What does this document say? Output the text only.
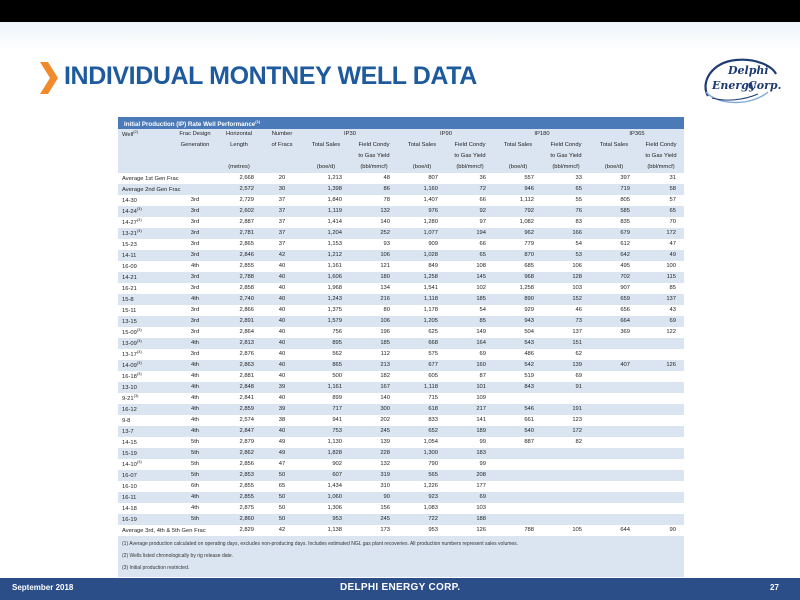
INDIVIDUAL MONTNEY WELL DATA	Delphi
Energy
Corp.
Initial Production (IP) Rate Well Performance$^{(1)}$
Well$^{(2)}$	Frac Design	Horizontal	Number	IP30		IP90		IP180		IP365	
	Generation	Length	of Fracs	Total Sales	Field Condy	Total Sales	Field Condy	Total Sales	Field Condy	Total Sales	Field Condy
					to Gas Yield		to Gas Yield		to Gas Yield		to Gas Yield
		(metres)		(boe/d)	(bbl/mmcf)	(boe/d)	(bbl/mmcf)	(boe/d)	(bbl/mmcf)	(boe/d)	(bbl/mmcf)
Average 1st Gen Frac		2,668	20	1,213	48	807	36	557	33	397	31
Average 2nd Gen Frac		2,572	30	1,398	86	1,160	72	946	65	719	58
14-30	3rd	2,729	37	1,840	78	1,407	66	1,112	55	805	57
14-24$^{(3)}$	3rd	2,602	37	1,119	132	976	92	792	76	585	65
14-27$^{(3)}$	3rd	2,887	37	1,414	140	1,280	97	1,082	83	835	70
13-21$^{(3)}$	3rd	2,781	37	1,204	252	1,077	194	962	166	679	172
15-23	3rd	2,865	37	1,153	93	909	66	779	54	612	47
14-11	3rd	2,846	42	1,212	106	1,028	65	870	53	642	49
16-09	4th	2,855	40	1,161	121	849	108	685	106	495	100
14-21	3rd	2,788	40	1,606	180	1,258	145	968	128	702	115
16-21	3rd	2,858	40	1,968	134	1,541	102	1,258	103	907	85
15-8	4th	2,740	40	1,243	216	1,118	185	890	152	659	137
15-11	3rd	2,866	40	1,375	80	1,178	54	929	46	656	43
13-15	3rd	2,891	40	1,579	106	1,205	85	943	73	664	69
15-09$^{(3)}$	3rd	2,864	40	756	196	625	149	504	137	369	122
13-09$^{(3)}$	4th	2,813	40	895	185	668	164	543	151		
13-17$^{(3)}$	3rd	2,876	40	562	112	575	69	486	62		
14-09$^{(3)}$	4th	2,863	40	865	213	677	160	542	139	407	126
16-18$^{(3)}$	4th	2,881	40	500	182	605	87	519	69		
13-10	4th	2,848	39	1,161	167	1,118	101	843	91		
9-21$^{(3)}$	4th	2,841	40	899	140	715	109				
16-12	4th	2,859	39	717	300	618	217	546	191		
9-8	4th	2,574	38	941	202	833	141	661	123		
13-7	4th	2,847	40	753	245	652	189	540	172		
14-15	5th	2,879	49	1,130	139	1,054	99	887	82		
15-19	5th	2,862	49	1,828	228	1,300	183				
14-10$^{(3)}$	5th	2,856	47	902	132	790	99				
16-07	5th	2,853	50	607	319	565	208				
16-10	6th	2,855	65	1,434	310	1,226	177				
16-11	4th	2,855	50	1,060	90	923	69				
14-18	4th	2,875	50	1,306	156	1,083	103				
16-19	5th	2,860	50	953	245	722	188				
Average 3rd, 4th & 5th Gen Frac		2,829	42	1,138	173	953	126	788	105	644	90
(1) Average production calculated on operating days, excludes non-producing days. Includes estimated NGL gas plant recoveries. All production numbers represent sales volumes.
(2) Wells listed chronologically by rig release date.
(3) Initial production restricted.
September 2018	DELPHI ENERGY CORP.	27
